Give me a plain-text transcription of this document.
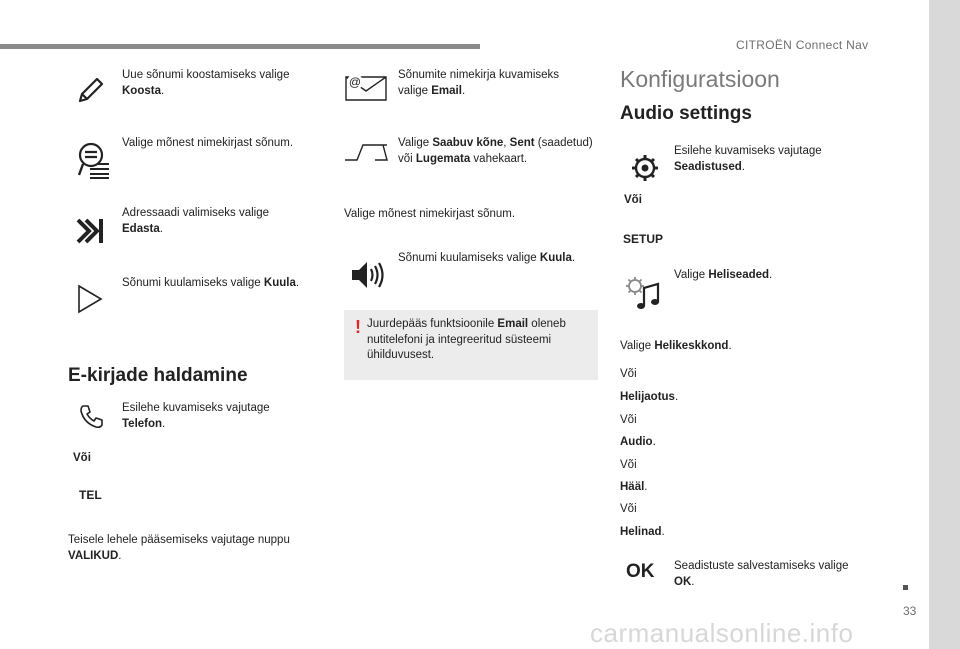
CITROËN Connect Nav
Uue sõnumi koostamiseks valige Koosta.
Valige mõnest nimekirjast sõnum.
Adressaadi valimiseks valige Edasta.
Sõnumi kuulamiseks valige Kuula.
E-kirjade haldamine
Esilehe kuvamiseks vajutage Telefon.
Või
TEL
Teisele lehele pääsemiseks vajutage nuppu VALIKUD.
@	Sõnumite nimekirja kuvamiseks valige Email.
Valige Saabuv kõne, Sent (saadetud) või Lugemata vahekaart.
Valige mõnest nimekirjast sõnum.
Sõnumi kuulamiseks valige Kuula.
! Juurdepääs funktsioonile Email oleneb nutitelefoni ja integreeritud süsteemi ühilduvusest.
Konfiguratsioon
Audio settings
Esilehe kuvamiseks vajutage Seadistused.
Või
SETUP
Valige Heliseaded.
Valige Helikeskkond.
Või
Helijaotus.
Või
Audio.
Või
Hääl.
Või
Helinad.
OK Seadistuste salvestamiseks valige OK.
33
carmanualsonline.info
